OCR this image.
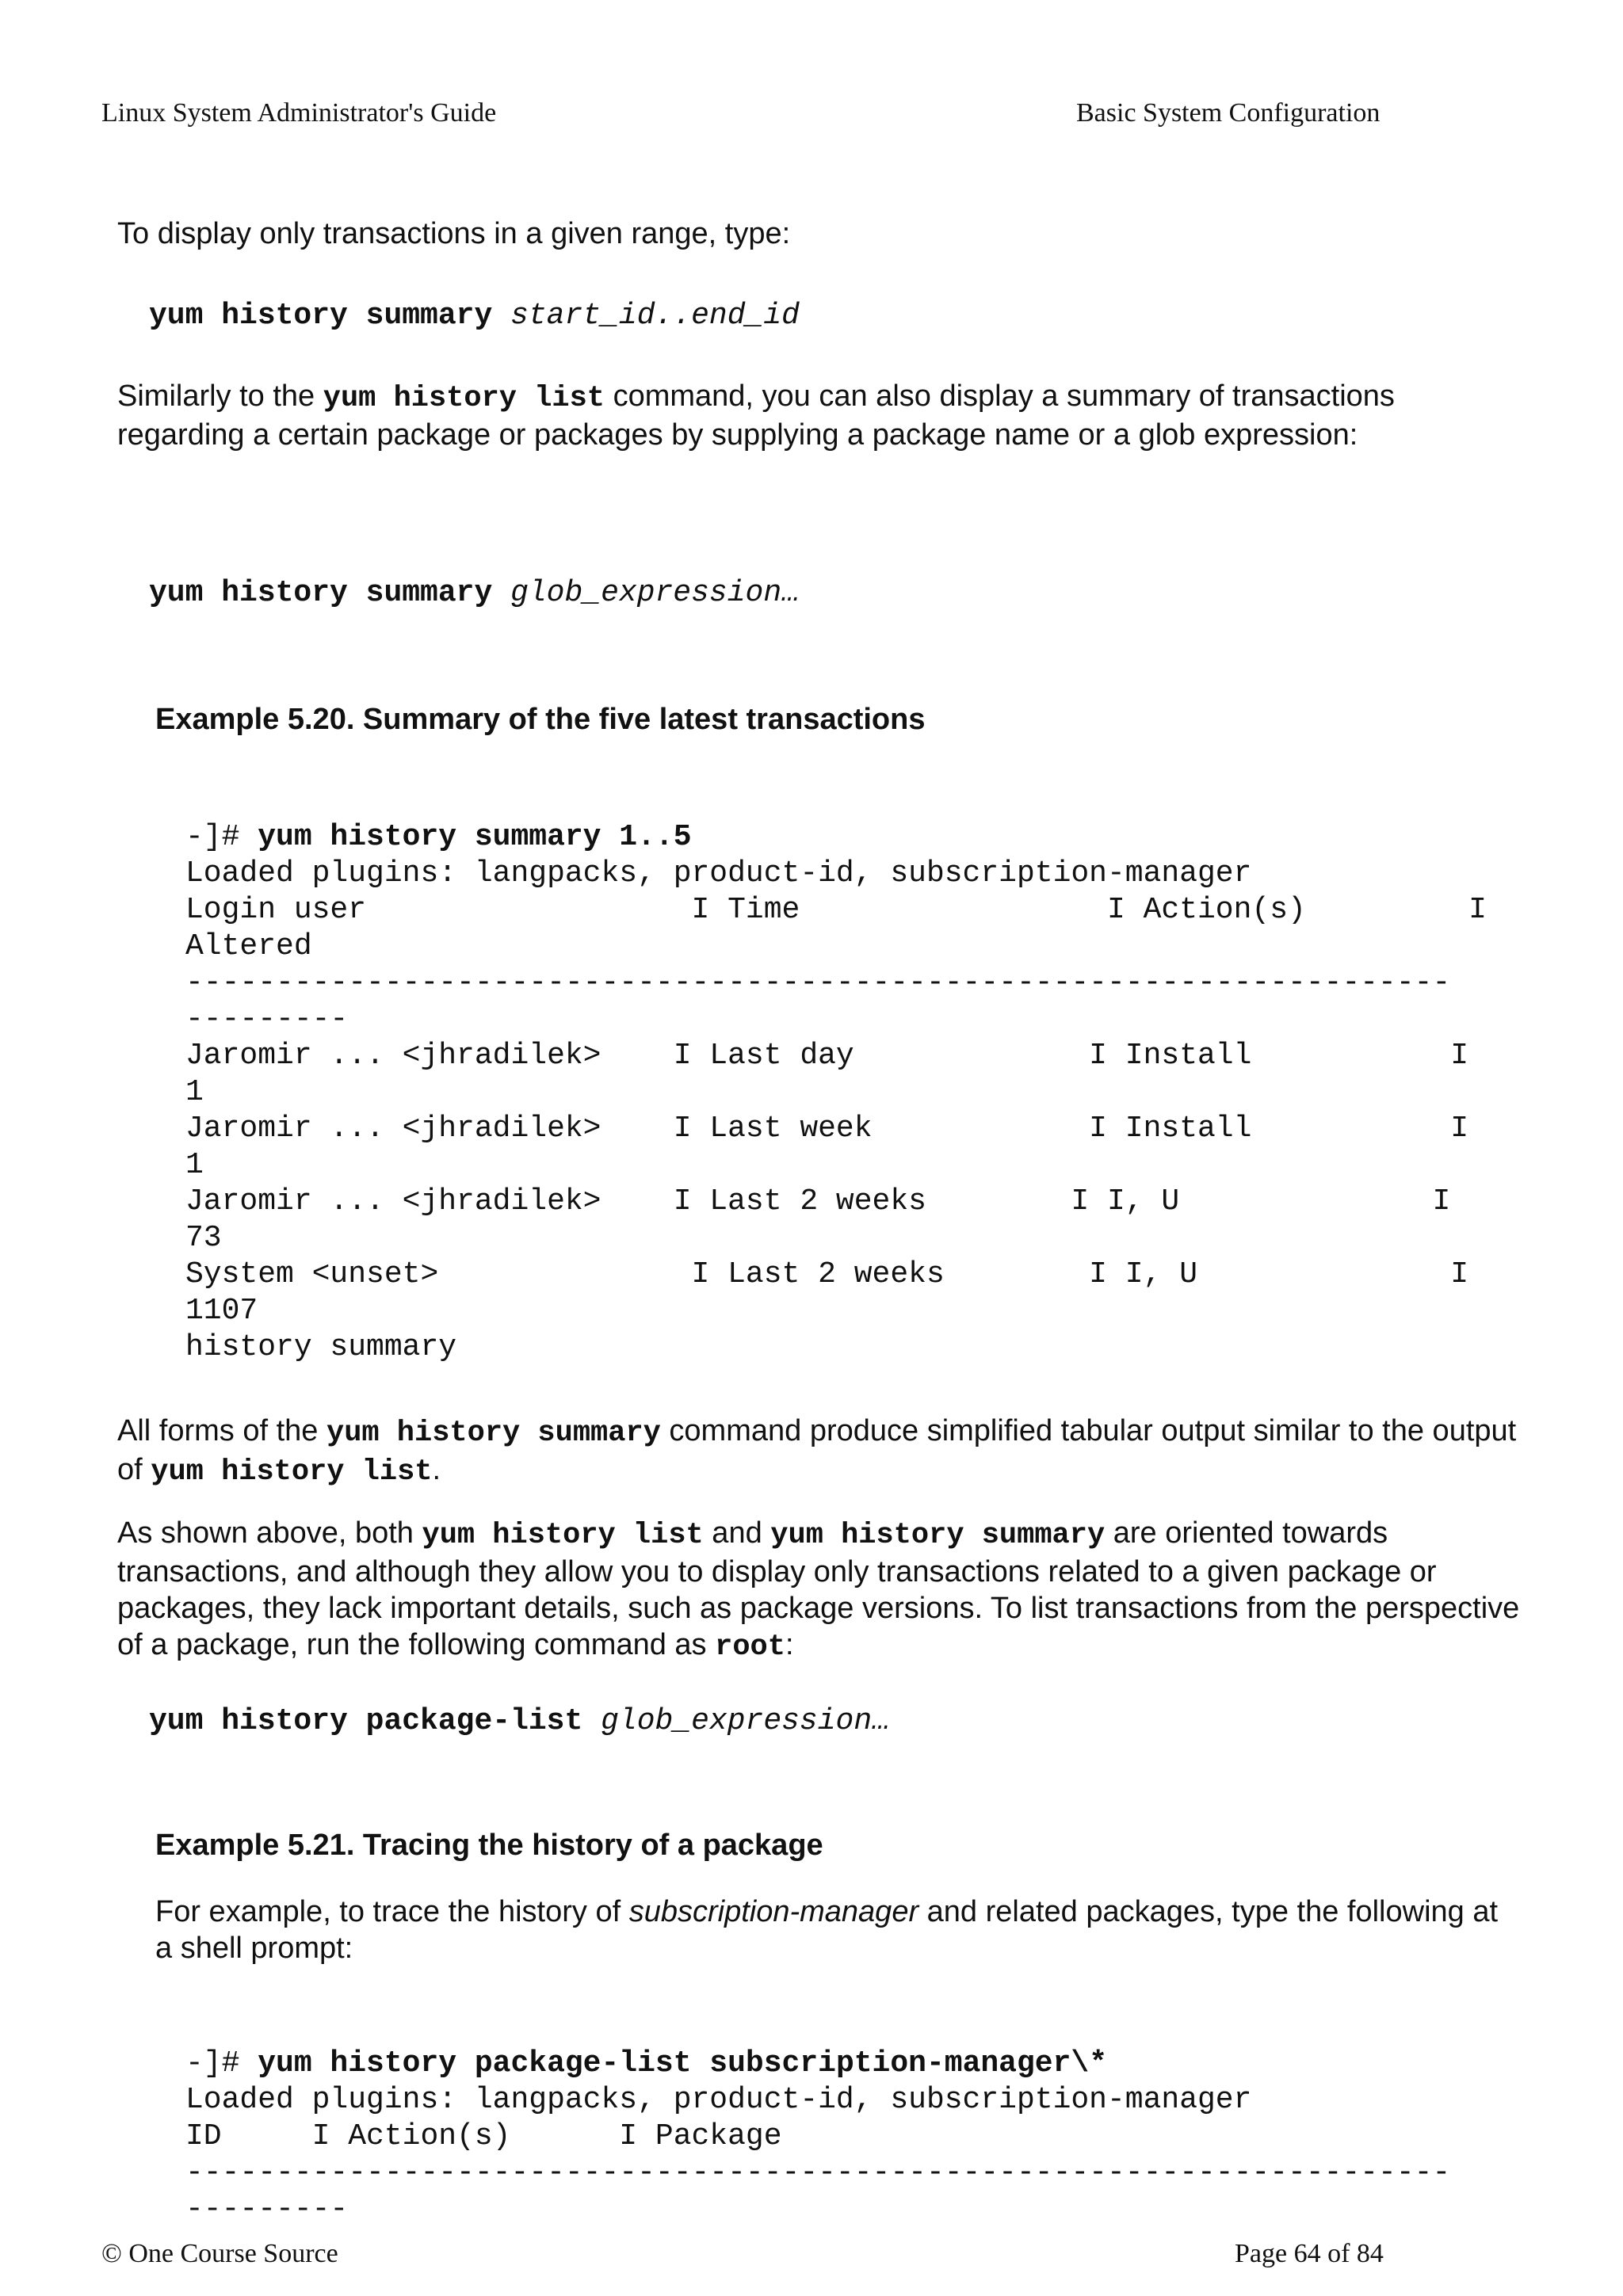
Linux System Administrator's Guide	Basic System Configuration
To display only transactions in a given range, type:
yum history summary start_id..end_id
Similarly to the yum history list command, you can also display a summary of transactions regarding a certain package or packages by supplying a package name or a glob expression:
yum history summary glob_expression…
Example 5.20. Summary of the five latest transactions

-]# yum history summary 1..5
Loaded plugins: langpacks, product-id, subscription-manager
Login user                  I Time                 I Action(s)         I
Altered
----------------------------------------------------------------------
---------
Jaromir ... <jhradilek>    I Last day             I Install           I
1
Jaromir ... <jhradilek>    I Last week            I Install           I
1
Jaromir ... <jhradilek>    I Last 2 weeks        I I, U              I
73
System <unset>              I Last 2 weeks        I I, U              I
1107
history summary

All forms of the yum history summary command produce simplified tabular output similar to the output of yum history list.
As shown above, both yum history list and yum history summary are oriented towards transactions, and although they allow you to display only transactions related to a given package or packages, they lack important details, such as package versions. To list transactions from the perspective of a package, run the following command as root:
yum history package-list glob_expression…
Example 5.21. Tracing the history of a package
For example, to trace the history of subscription-manager and related packages, type the following at a shell prompt:

-]# yum history package-list subscription-manager\*
Loaded plugins: langpacks, product-id, subscription-manager
ID     I Action(s)      I Package
----------------------------------------------------------------------
---------

© One Course Source	Page 64 of 84
